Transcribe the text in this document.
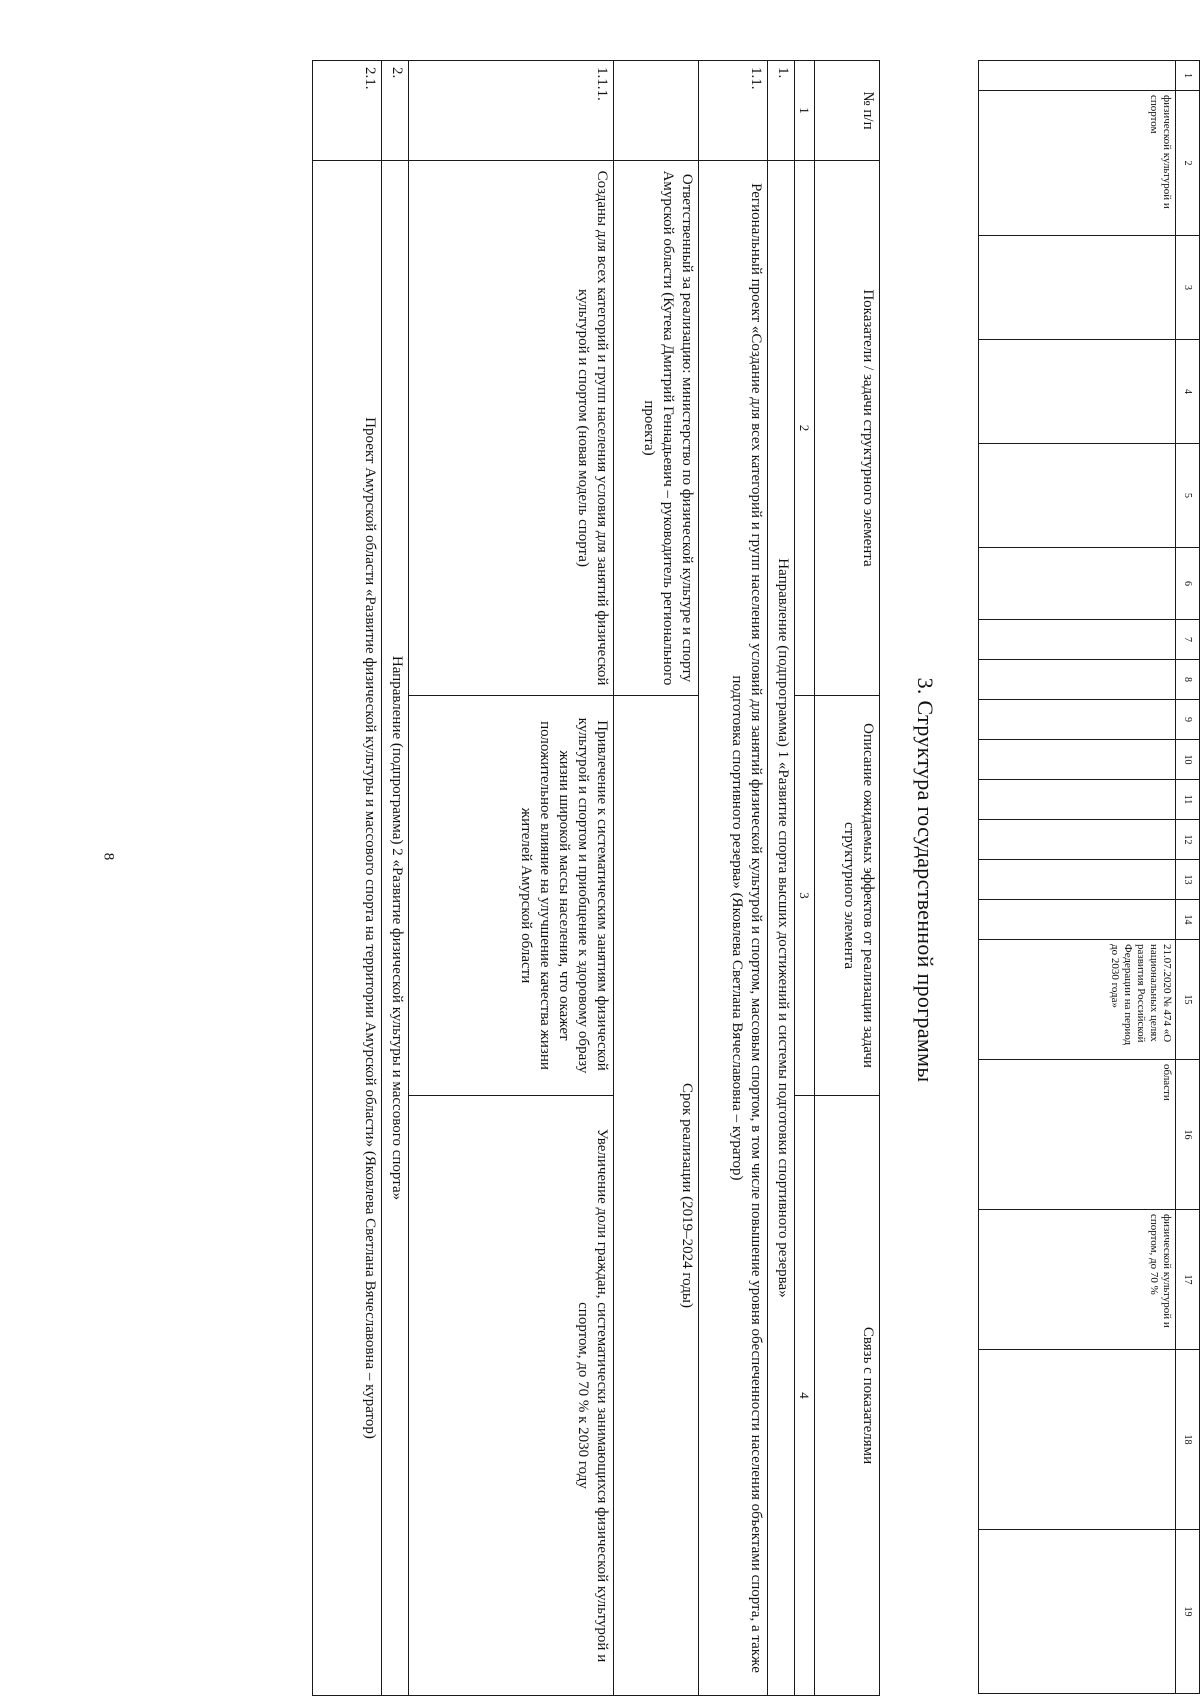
8
1	2	3	4	5	6	7	8	9	10	11	12	13	14	15	16	17	18	19
	физической культурой и спортом													21.07.2020 № 474 «О национальных целях развития Российской Федерации на период до 2030 года»	области	физической культурой и спортом, до 70 %		
3. Структура государственной программы
№ п/п	Показатели / задачи структурного элемента	Описание ожидаемых эффектов от реализации задачи структурного элемента	Связь с показателями
1	2	3	4
1.	Направление (подпрограмма) 1 «Развитие спорта высших достижений и системы подготовки спортивного резерва»		
1.1.	Региональный проект «Создание для всех категорий и групп населения условий для занятий физической культурой и спортом, массовым спортом, в том числе повышение уровня обеспеченности населения объектами спорта, а также подготовка спортивного резерва» (Яковлева Светлана Вячеславовна – куратор)		
	Ответственный за реализацию: министерство по физической культуре и спорту Амурской области (Кутека Дмитрий Геннадьевич – руководитель регионального проекта)	Срок реализации (2019–2024 годы)	
1.1.1.	Созданы для всех категорий и групп населения условия для занятий физической культурой и спортом (новая модель спорта)	Привлечение к систематическим занятиям физической культурой и спортом и приобщение к здоровому образу жизни широкой массы населения, что окажет положительное влияние на улучшение качества жизни жителей Амурской области	Увеличение доли граждан, систематически занимающихся физической культурой и спортом, до 70 % к 2030 году
2.	Направление (подпрограмма) 2 «Развитие физической культуры и массового спорта»		
2.1.	Проект Амурской области «Развитие физической культуры и массового спорта на территории Амурской области» (Яковлева Светлана Вячеславовна – куратор)		
